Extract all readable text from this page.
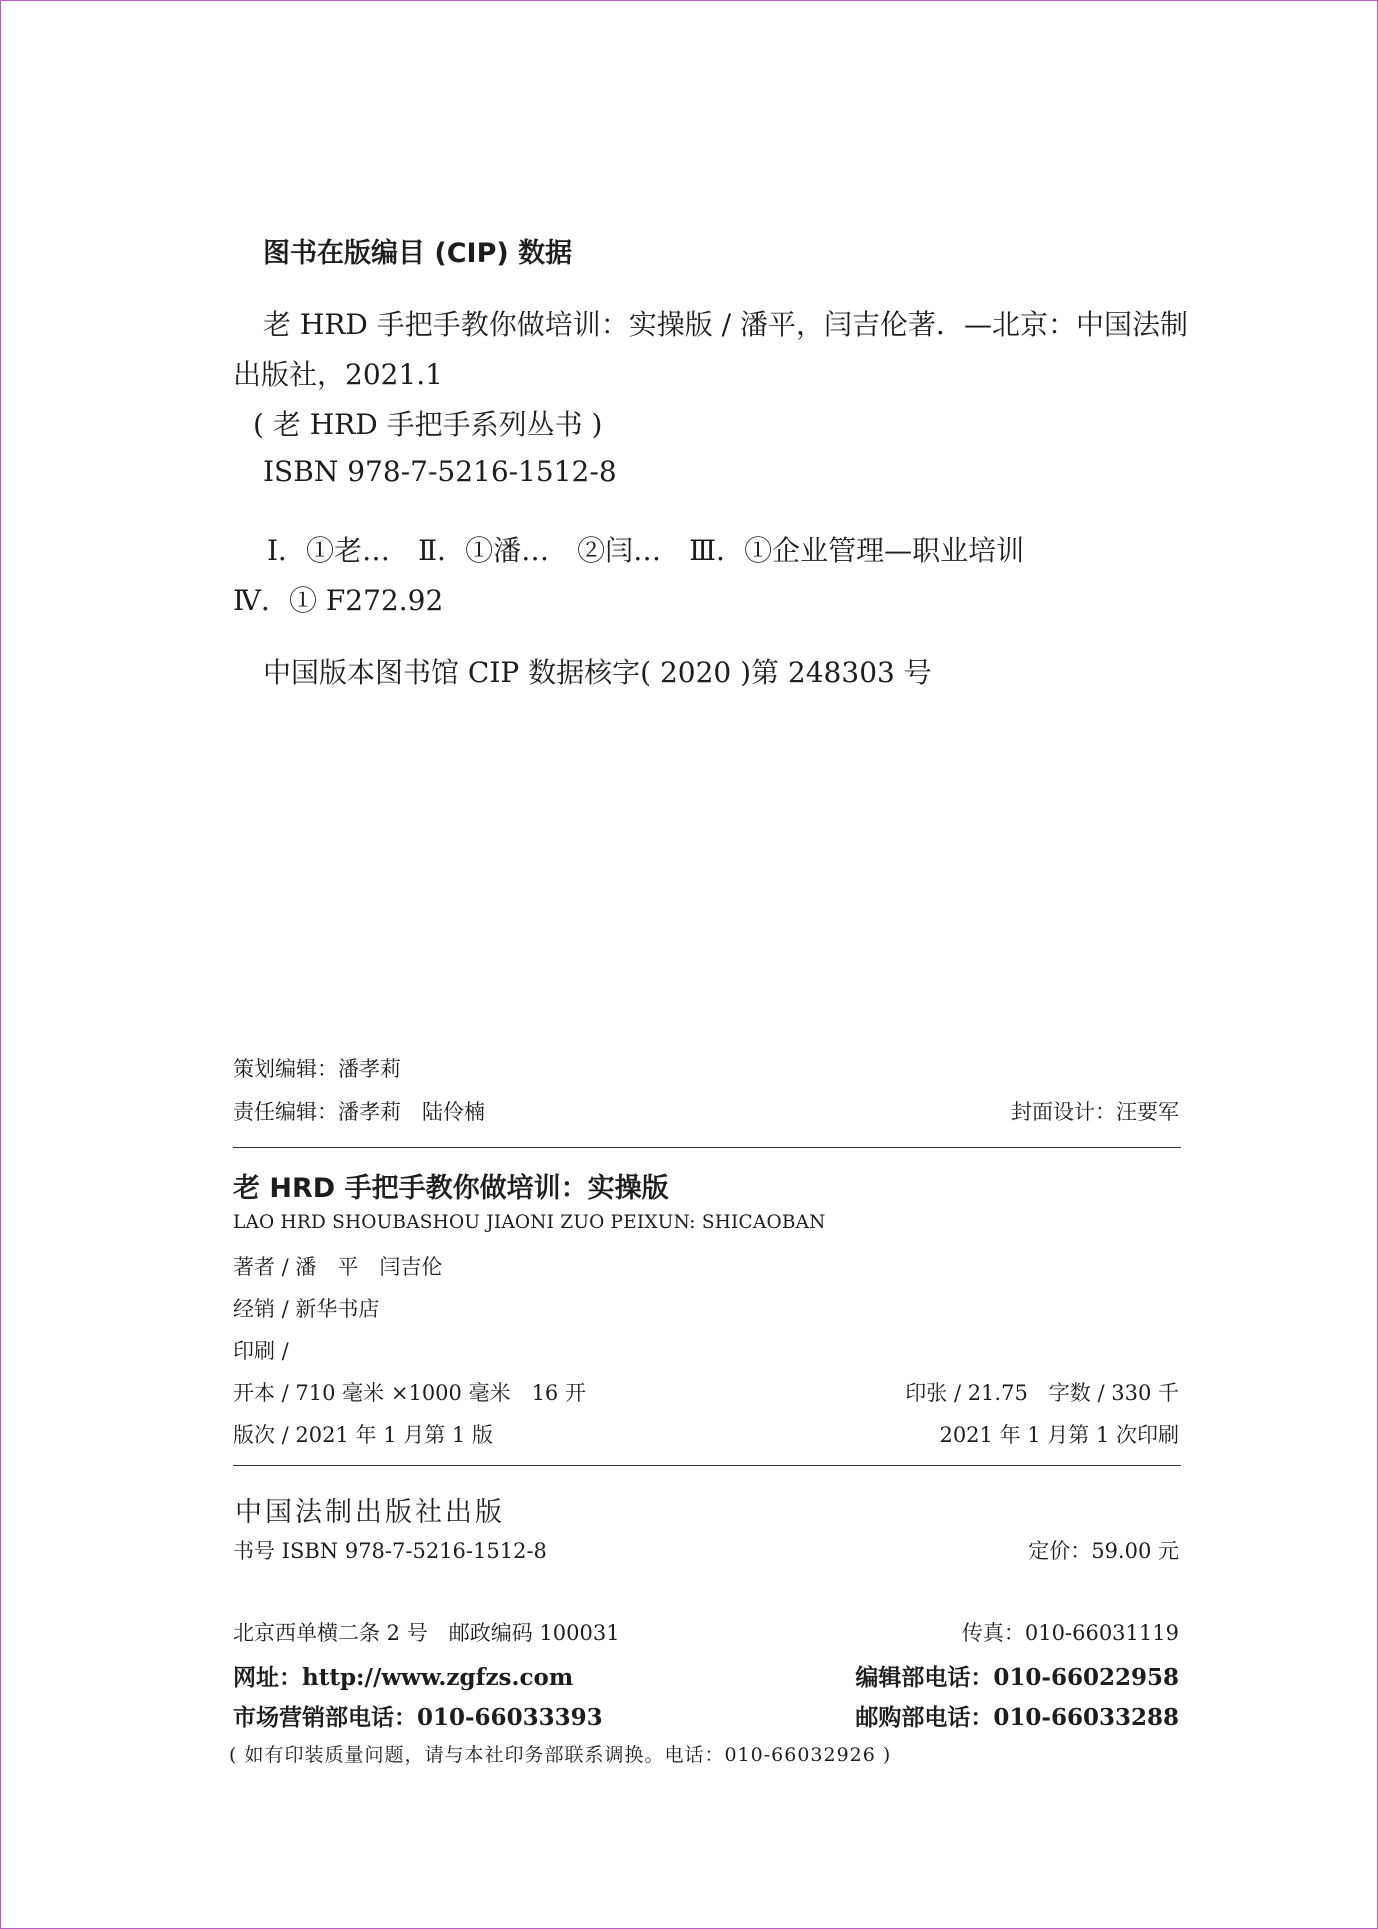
图书在版编目 (CIP) 数据
老 HRD 手把手教你做培训：实操版 / 潘平，闫吉伦著．—北京：中国法制
出版社，2021.1
( 老 HRD 手把手系列丛书 )
ISBN 978-7-5216-1512-8
Ⅰ．①老…　Ⅱ．①潘…　②闫…　Ⅲ．①企业管理—职业培训
Ⅳ．① F272.92
中国版本图书馆 CIP 数据核字( 2020 )第 248303 号
策划编辑：潘孝莉
责任编辑：潘孝莉　陆伶楠	封面设计：汪要军
老 HRD 手把手教你做培训：实操版
LAO HRD SHOUBASHOU JIAONI ZUO PEIXUN: SHICAOBAN
著者 / 潘　平　闫吉伦
经销 / 新华书店
印刷 /
开本 / 710 毫米 ×1000 毫米　16 开	印张 / 21.75　字数 / 330 千
版次 / 2021 年 1 月第 1 版	2021 年 1 月第 1 次印刷
中国法制出版社出版
书号 ISBN 978-7-5216-1512-8	定价：59.00 元
北京西单横二条 2 号　邮政编码 100031	传真：010-66031119
网址：http://www.zgfzs.com	编辑部电话：010-66022958
市场营销部电话：010-66033393	邮购部电话：010-66033288
( 如有印装质量问题，请与本社印务部联系调换。电话：010-66032926 )
